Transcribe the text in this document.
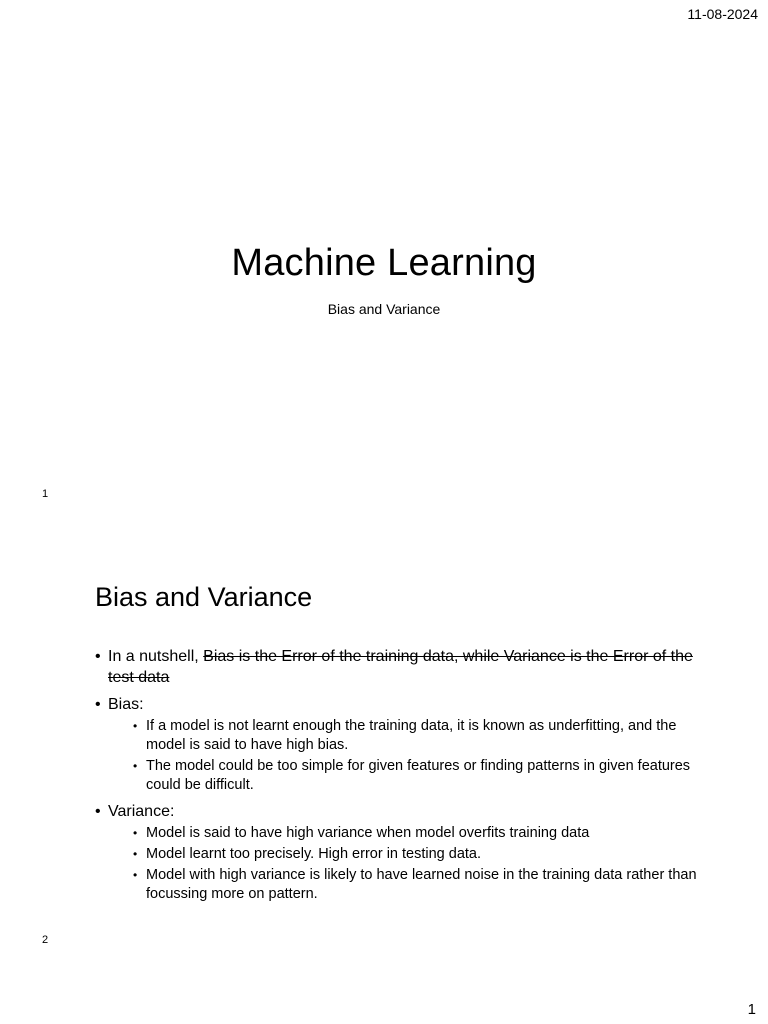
11-08-2024
Machine Learning
Bias and Variance
1
Bias and Variance
• In a nutshell, Bias is the Error of the training data, while Variance is the Error of the test data
• Bias:
• If a model is not learnt enough the training data, it is known as underfitting, and the model is said to have high bias.
• The model could be too simple for given features or finding patterns in given features could be difficult.
• Variance:
• Model is said to have high variance when model overfits training data
• Model learnt too precisely. High error in testing data.
• Model with high variance is likely to have learned noise in the training data rather than focussing more on pattern.
2
1
